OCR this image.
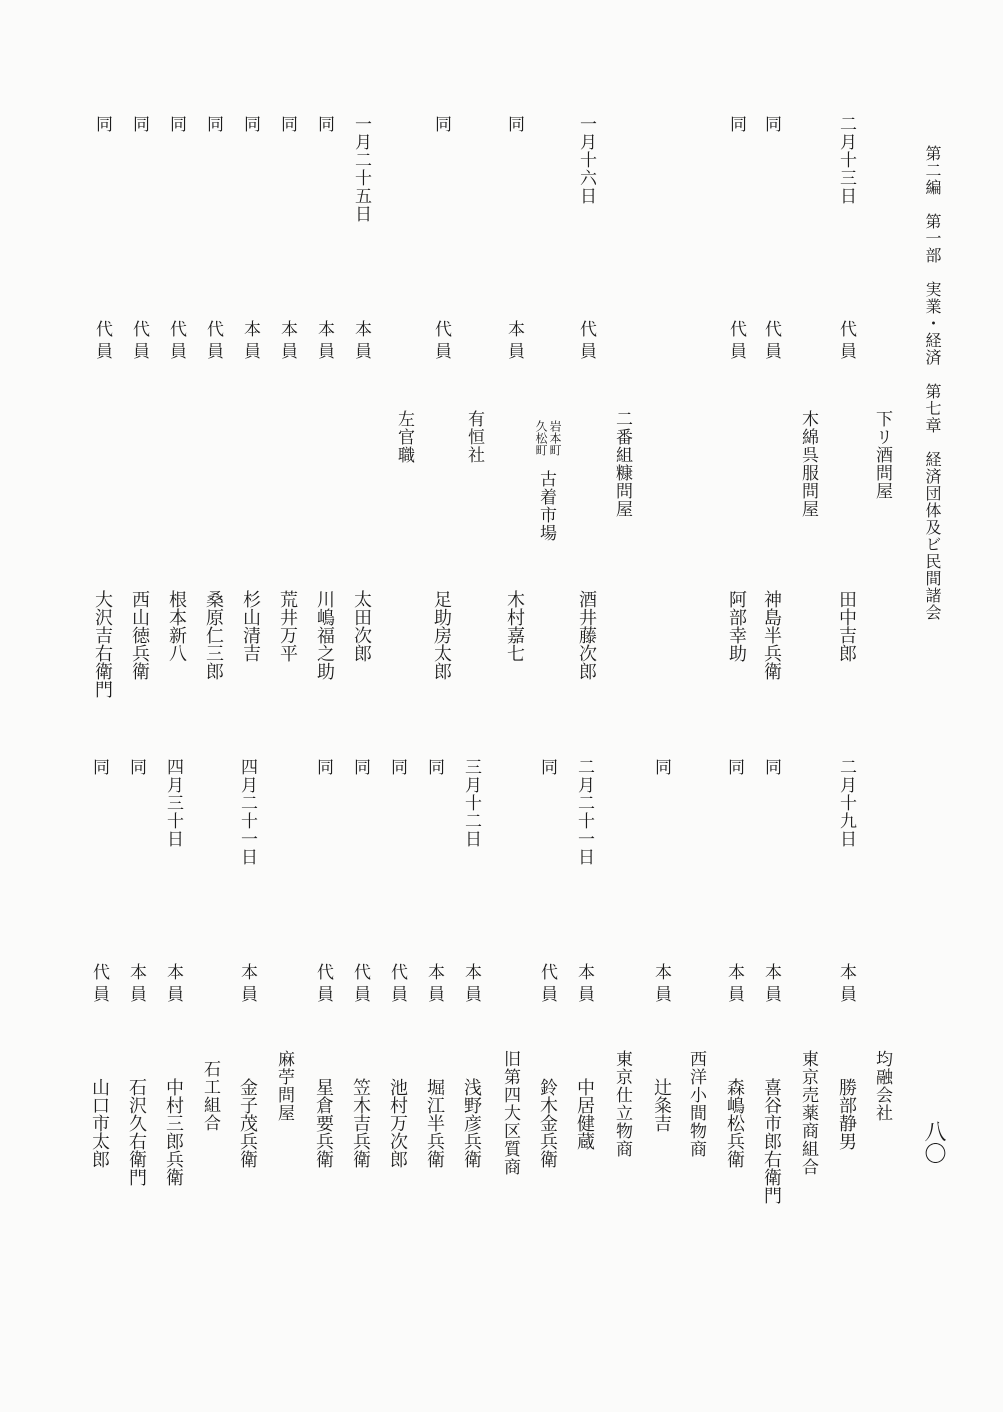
第二編　第一部　実業・経済　第七章　経済団体及ビ民間諸会
二月十三日
代員
田中吉郎
下リ酒問屋
同
代員
神島半兵衛
木綿呉服問屋
同
代員
阿部幸助
二番組糠問屋
一月十六日
代員
酒井藤次郎
同
本員
木村嘉七
岩本町
久松町
古着市場
有恒社
同
代員
足助房太郎
左官職
一月二十五日
本員
太田次郎
同
本員
川嶋福之助
同
本員
荒井万平
同
本員
杉山清吉
同
代員
桑原仁三郎
同
代員
根本新八
同
代員
西山徳兵衛
同
代員
大沢吉右衛門
八〇
二月十九日
本員
勝部静男 均融会社
東京売薬商組合
同
本員
喜谷市郎右衛門
同
本員
森嶋松兵衛
西洋小間物商
同
本員
辻粂吉
東京仕立物商
二月二十一日
本員
中居健蔵
同
代員
鈴木金兵衛
旧第四大区質商
三月十二日
本員
浅野彦兵衛
同
本員
堀江半兵衛
同
代員
池村万次郎
同
代員
笠木吉兵衛
同
代員
星倉要兵衛
麻苧問屋
四月二十一日
本員
金子茂兵衛
石工組合
四月三十日
本員
中村三郎兵衛
同
本員
石沢久右衛門
同
代員
山口市太郎
